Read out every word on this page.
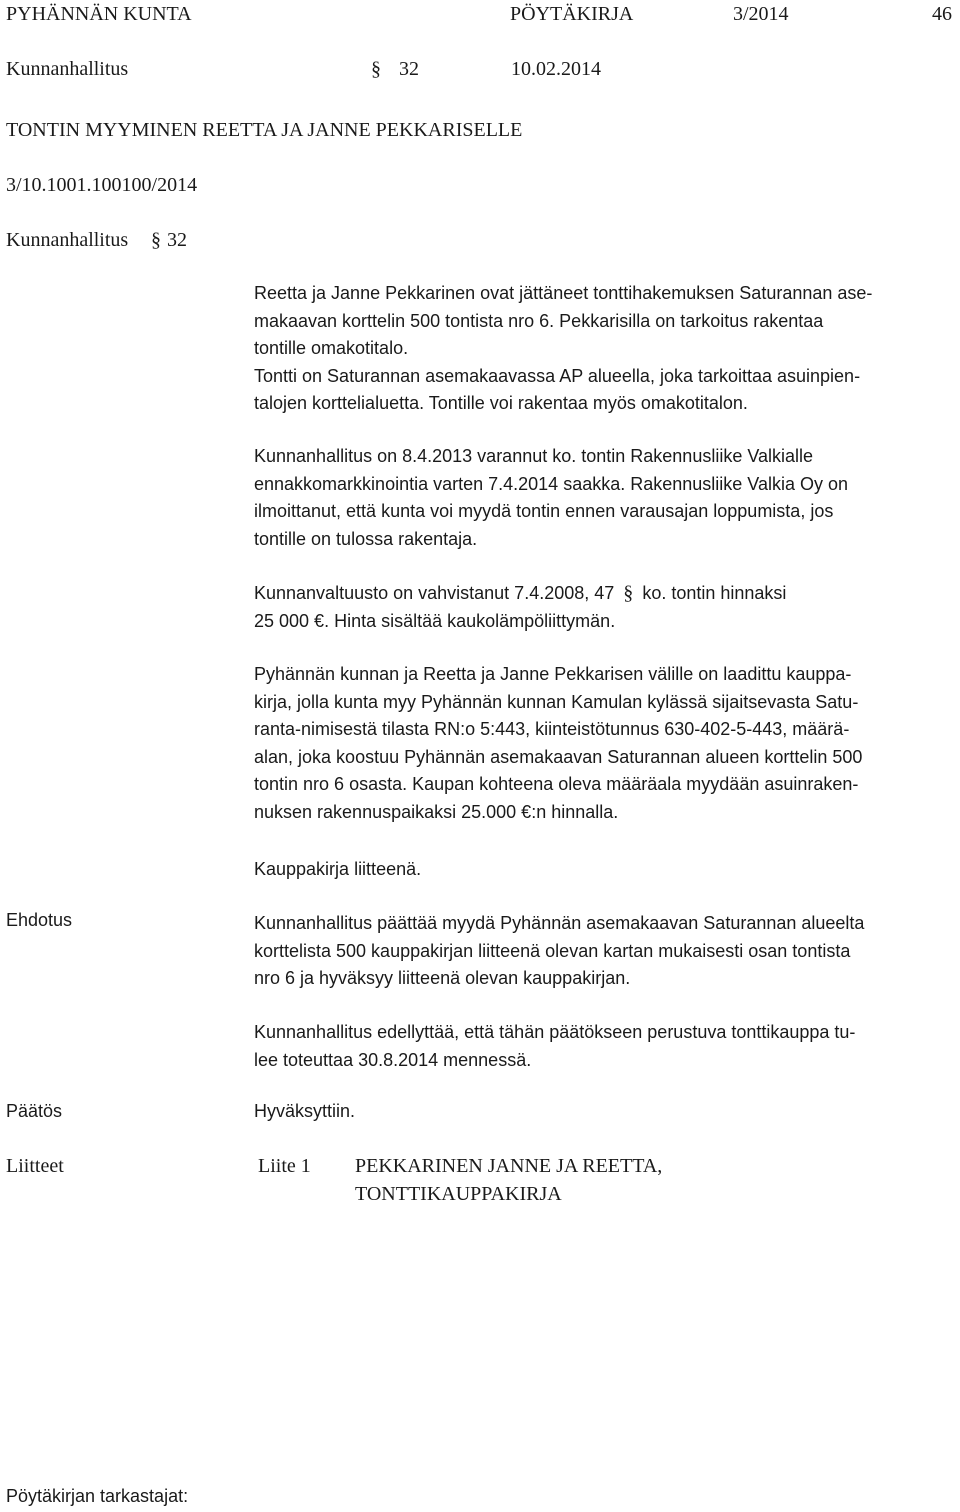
PYHÄNNÄN KUNTA	PÖYTÄKIRJA	3/2014	46
Kunnanhallitus	§ 32	10.02.2014
TONTIN MYYMINEN REETTA JA JANNE PEKKARISELLE
3/10.1001.100100/2014
Kunnanhallitus § 32
Reetta ja Janne Pekkarinen ovat jättäneet tonttihakemuksen Saturannan ase-
makaavan korttelin 500 tontista nro 6. Pekkarisilla on tarkoitus rakentaa
tontille omakotitalo.
Tontti on Saturannan asemakaavassa AP alueella, joka tarkoittaa asuinpien-
talojen korttelialuetta. Tontille voi rakentaa myös omakotitalon.
Kunnanhallitus on 8.4.2013 varannut ko. tontin Rakennusliike Valkialle
ennakkomarkkinointia varten 7.4.2014 saakka. Rakennusliike Valkia Oy on
ilmoittanut, että kunta voi myydä tontin ennen varausajan loppumista, jos
tontille on tulossa rakentaja.
Kunnanvaltuusto on vahvistanut 7.4.2008, 47 § ko. tontin hinnaksi
25 000 €. Hinta sisältää kaukolämpöliittymän.
Pyhännän kunnan ja Reetta ja Janne Pekkarisen välille on laadittu kauppa-
kirja, jolla kunta myy Pyhännän kunnan Kamulan kylässä sijaitsevasta Satu-
ranta-nimisestä tilasta RN:o 5:443, kiinteistötunnus 630-402-5-443, määrä-
alan, joka koostuu Pyhännän asemakaavan Saturannan alueen korttelin 500
tontin nro 6 osasta. Kaupan kohteena oleva määräala myydään asuinraken-
nuksen rakennuspaikaksi 25.000 €:n hinnalla.
Kauppakirja liitteenä.
Ehdotus	Kunnanhallitus päättää myydä Pyhännän asemakaavan Saturannan alueelta
korttelista 500 kauppakirjan liitteenä olevan kartan mukaisesti osan tontista
nro 6 ja hyväksyy liitteenä olevan kauppakirjan.
Kunnanhallitus edellyttää, että tähän päätökseen perustuva tonttikauppa tu-
lee toteuttaa 30.8.2014 mennessä.
Päätös	Hyväksyttiin.
Liitteet	Liite 1 PEKKARINEN JANNE JA REETTA,
TONTTIKAUPPAKIRJA
Pöytäkirjan tarkastajat:
